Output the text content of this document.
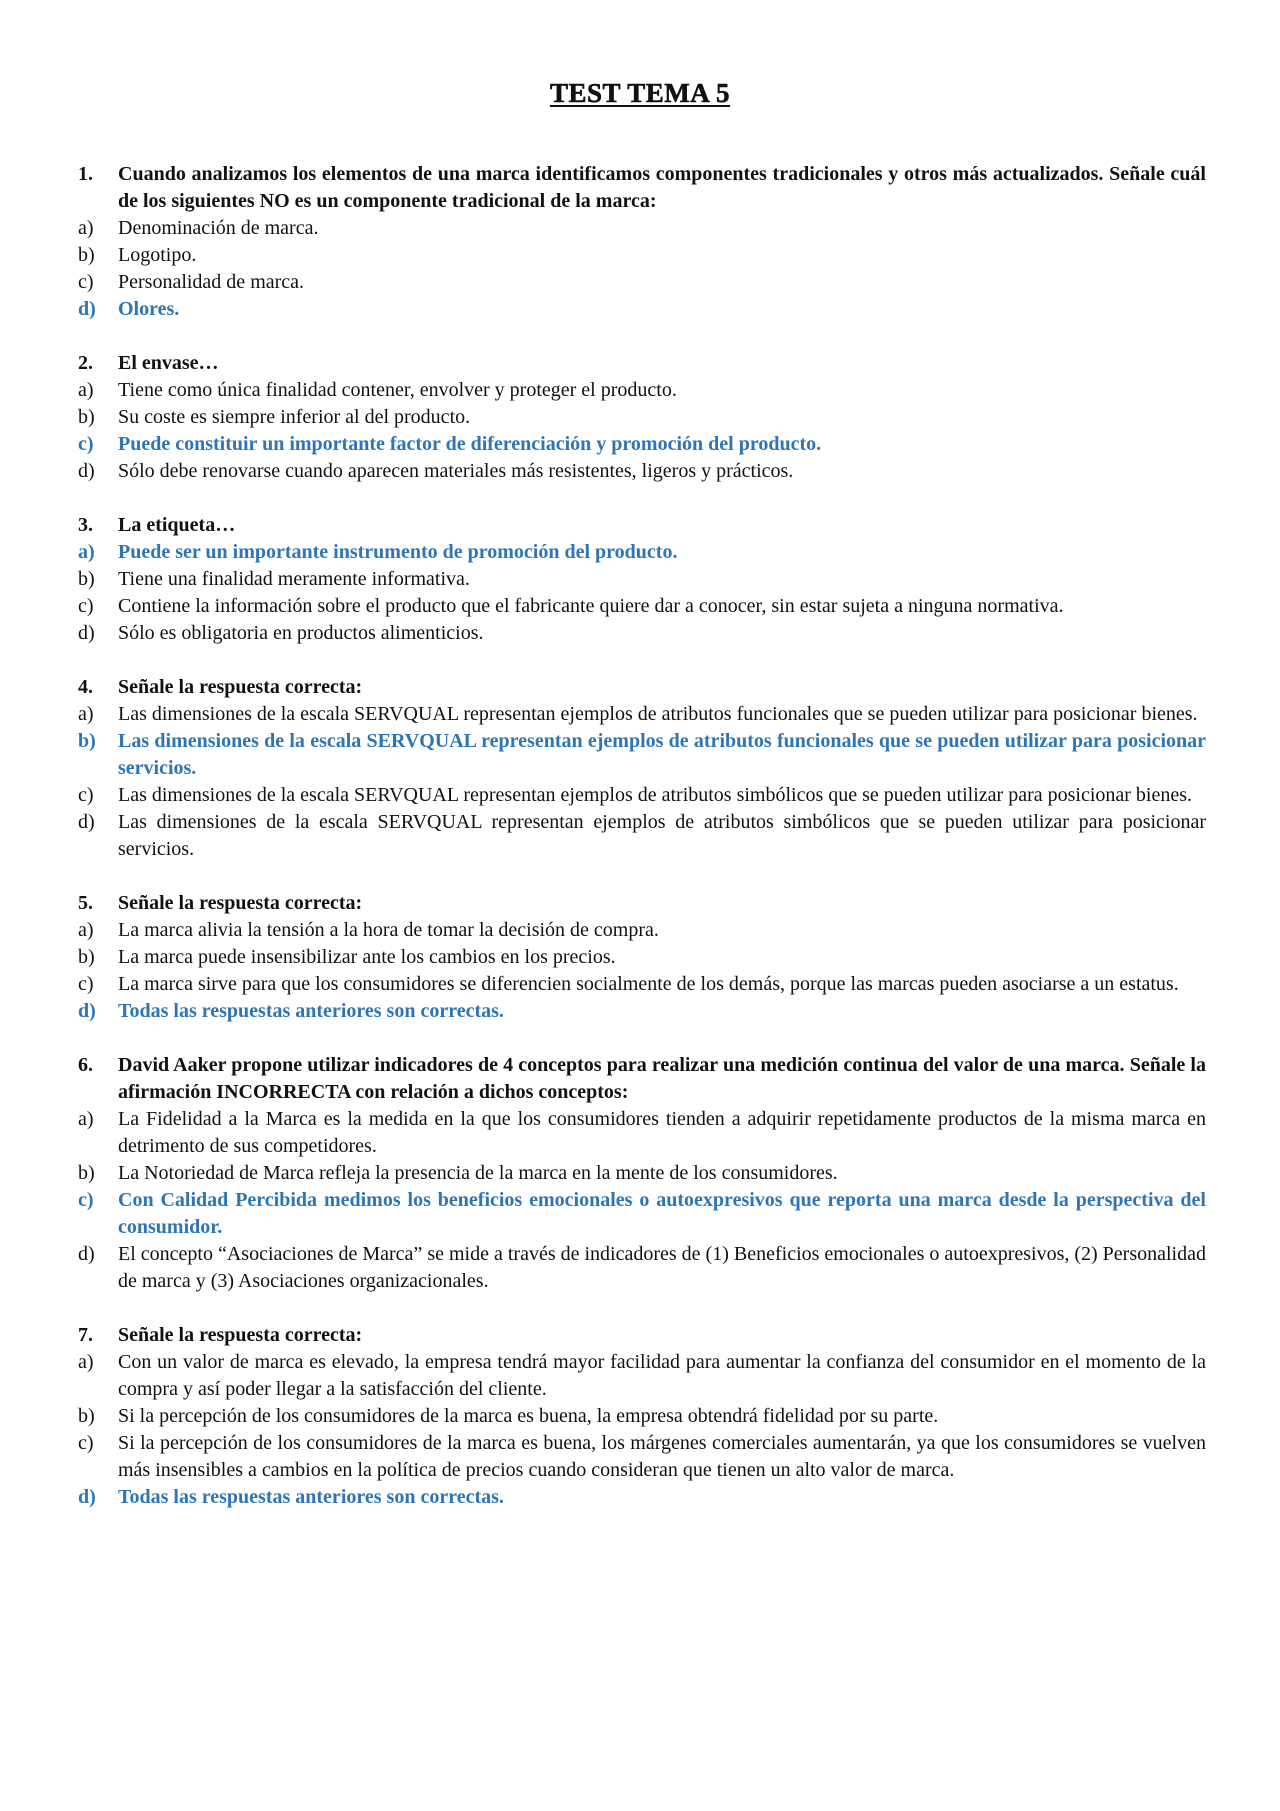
TEST TEMA 5
1.	Cuando analizamos los elementos de una marca identificamos componentes tradicionales y otros más actualizados. Señale cuál de los siguientes NO es un componente tradicional de la marca:
a)	Denominación de marca.
b)	Logotipo.
c)	Personalidad de marca.
d)	Olores.
2.	El envase…
a)	Tiene como única finalidad contener, envolver y proteger el producto.
b)	Su coste es siempre inferior al del producto.
c)	Puede constituir un importante factor de diferenciación y promoción del producto.
d)	Sólo debe renovarse cuando aparecen materiales más resistentes, ligeros y prácticos.
3.	La etiqueta…
a)	Puede ser un importante instrumento de promoción del producto.
b)	Tiene una finalidad meramente informativa.
c)	Contiene la información sobre el producto que el fabricante quiere dar a conocer, sin estar sujeta a ninguna normativa.
d)	Sólo es obligatoria en productos alimenticios.
4.	Señale la respuesta correcta:
a)	Las dimensiones de la escala SERVQUAL representan ejemplos de atributos funcionales que se pueden utilizar para posicionar bienes.
b)	Las dimensiones de la escala SERVQUAL representan ejemplos de atributos funcionales que se pueden utilizar para posicionar servicios.
c)	Las dimensiones de la escala SERVQUAL representan ejemplos de atributos simbólicos que se pueden utilizar para posicionar bienes.
d)	Las dimensiones de la escala SERVQUAL representan ejemplos de atributos simbólicos que se pueden utilizar para posicionar servicios.
5.	Señale la respuesta correcta:
a)	La marca alivia la tensión a la hora de tomar la decisión de compra.
b)	La marca puede insensibilizar ante los cambios en los precios.
c)	La marca sirve para que los consumidores se diferencien socialmente de los demás, porque las marcas pueden asociarse a un estatus.
d)	Todas las respuestas anteriores son correctas.
6.	David Aaker propone utilizar indicadores de 4 conceptos para realizar una medición continua del valor de una marca. Señale la afirmación INCORRECTA con relación a dichos conceptos:
a)	La Fidelidad a la Marca es la medida en la que los consumidores tienden a adquirir repetidamente productos de la misma marca en detrimento de sus competidores.
b)	La Notoriedad de Marca refleja la presencia de la marca en la mente de los consumidores.
c)	Con Calidad Percibida medimos los beneficios emocionales o autoexpresivos que reporta una marca desde la perspectiva del consumidor.
d)	El concepto “Asociaciones de Marca” se mide a través de indicadores de (1) Beneficios emocionales o autoexpresivos, (2) Personalidad de marca y (3) Asociaciones organizacionales.
7.	Señale la respuesta correcta:
a)	Con un valor de marca es elevado, la empresa tendrá mayor facilidad para aumentar la confianza del consumidor en el momento de la compra y así poder llegar a la satisfacción del cliente.
b)	Si la percepción de los consumidores de la marca es buena, la empresa obtendrá fidelidad por su parte.
c)	Si la percepción de los consumidores de la marca es buena, los márgenes comerciales aumentarán, ya que los consumidores se vuelven más insensibles a cambios en la política de precios cuando consideran que tienen un alto valor de marca.
d)	Todas las respuestas anteriores son correctas.
